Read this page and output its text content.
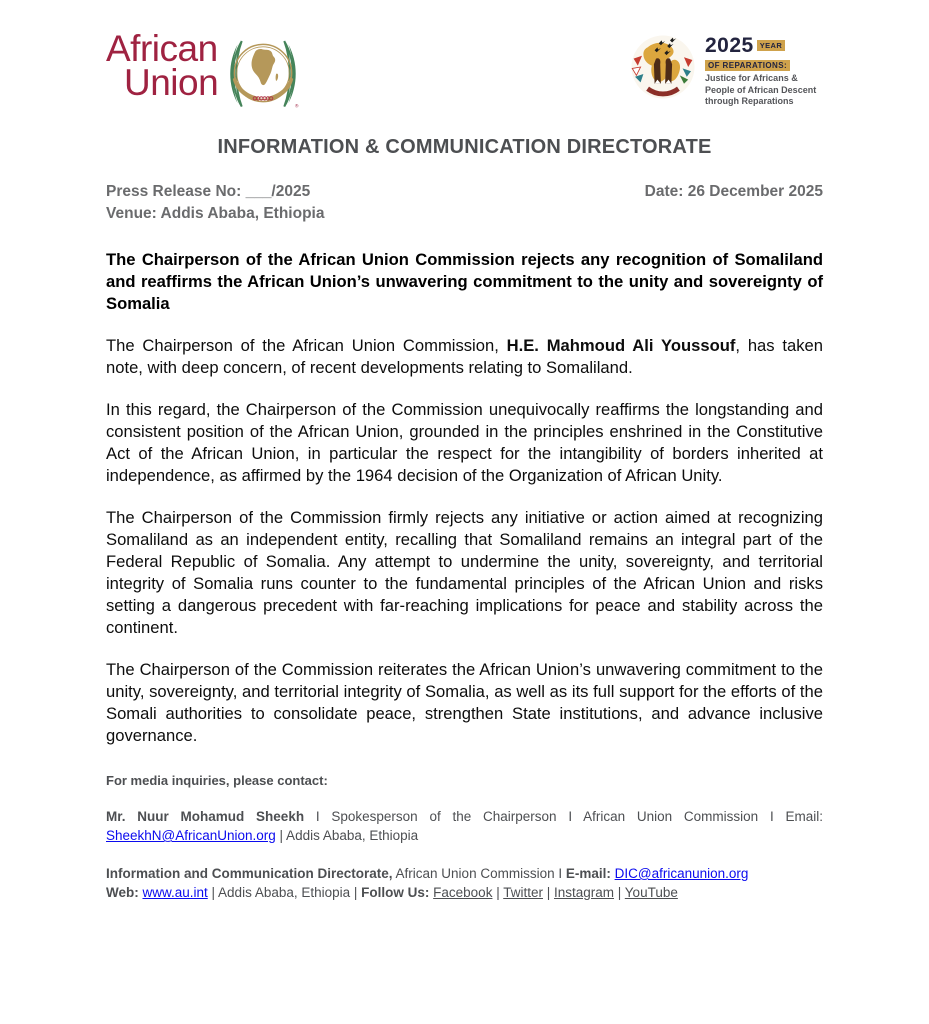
African
Union
®
2025 YEAR
OF REPARATIONS:
Justice for Africans &
People of African Descent
through Reparations
INFORMATION & COMMUNICATION DIRECTORATE
Press Release No: ___/2025	Date: 26 December 2025
Venue: Addis Ababa, Ethiopia

The Chairperson of the African Union Commission rejects any recognition of Somaliland and reaffirms the African Union’s unwavering commitment to the unity and sovereignty of Somalia

The Chairperson of the African Union Commission, H.E. Mahmoud Ali Youssouf, has taken note, with deep concern, of recent developments relating to Somaliland.

In this regard, the Chairperson of the Commission unequivocally reaffirms the longstanding and consistent position of the African Union, grounded in the principles enshrined in the Constitutive Act of the African Union, in particular the respect for the intangibility of borders inherited at independence, as affirmed by the 1964 decision of the Organization of African Unity.

The Chairperson of the Commission firmly rejects any initiative or action aimed at recognizing Somaliland as an independent entity, recalling that Somaliland remains an integral part of the Federal Republic of Somalia. Any attempt to undermine the unity, sovereignty, and territorial integrity of Somalia runs counter to the fundamental principles of the African Union and risks setting a dangerous precedent with far-reaching implications for peace and stability across the continent.

The Chairperson of the Commission reiterates the African Union’s unwavering commitment to the unity, sovereignty, and territorial integrity of Somalia, as well as its full support for the efforts of the Somali authorities to consolidate peace, strengthen State institutions, and advance inclusive governance.

For media inquiries, please contact:

Mr. Nuur Mohamud Sheekh I Spokesperson of the Chairperson I African Union Commission I Email: SheekhN@AfricanUnion.org | Addis Ababa, Ethiopia

Information and Communication Directorate, African Union Commission I E-mail: DIC@africanunion.org
Web: www.au.int | Addis Ababa, Ethiopia | Follow Us: Facebook | Twitter | Instagram | YouTube
